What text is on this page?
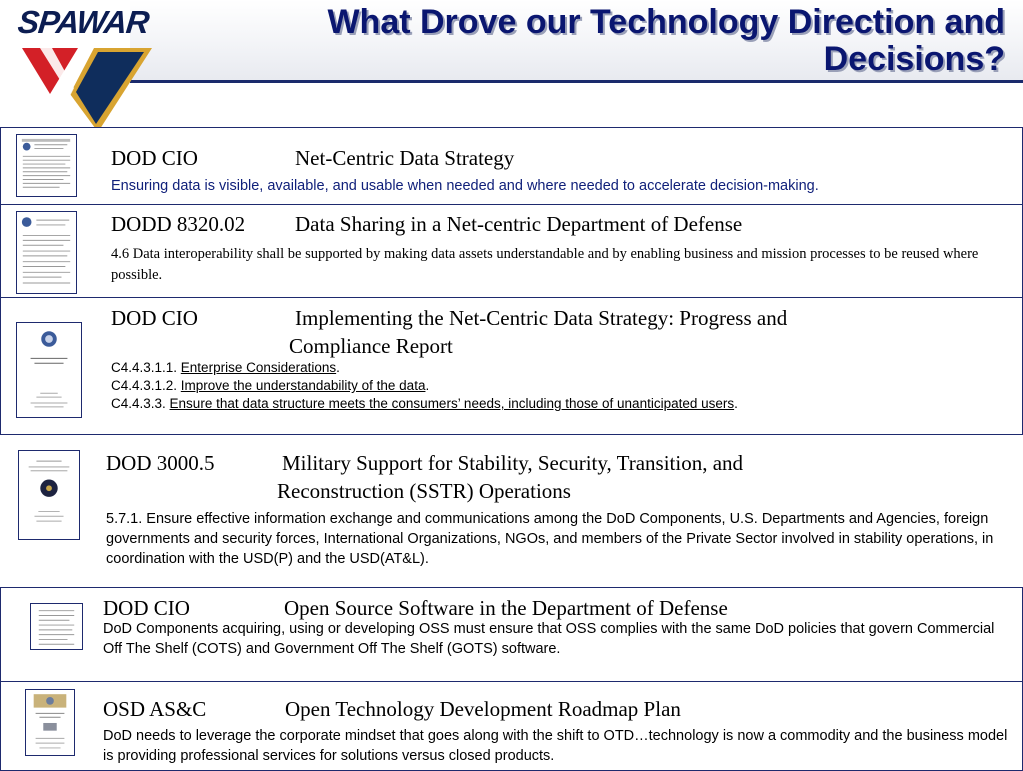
SPAWAR	What Drove our Technology Direction and Decisions?
DOD CIO	Net-Centric Data Strategy
Ensuring data is visible, available, and usable when needed and where needed to accelerate decision-making.
DODD 8320.02 Data Sharing in a Net-centric Department of Defense
4.6 Data interoperability shall be supported by making data assets understandable and by enabling business and mission processes to be reused where possible.
DOD CIO	Implementing the Net-Centric Data Strategy: Progress and
Compliance Report
C4.4.3.1.1. Enterprise Considerations.
C4.4.3.1.2. Improve the understandability of the data.
C4.4.3.3. Ensure that data structure meets the consumers’ needs, including those of unanticipated users.
DOD 3000.5	Military Support for Stability, Security, Transition, and
Reconstruction (SSTR) Operations
5.7.1. Ensure effective information exchange and communications among the DoD Components, U.S. Departments and Agencies, foreign governments and security forces, International Organizations, NGOs, and members of the Private Sector involved in stability operations, in coordination with the USD(P) and the USD(AT&L).
DOD CIO	Open Source Software in the Department of Defense
DoD Components acquiring, using or developing OSS must ensure that OSS complies with the same DoD policies that govern Commercial Off The Shelf (COTS) and Government Off The Shelf (GOTS) software.
OSD AS&C	Open Technology Development Roadmap Plan
DoD needs to leverage the corporate mindset that goes along with the shift to OTD…technology is now a commodity and the business model is providing professional services for solutions versus closed products.
